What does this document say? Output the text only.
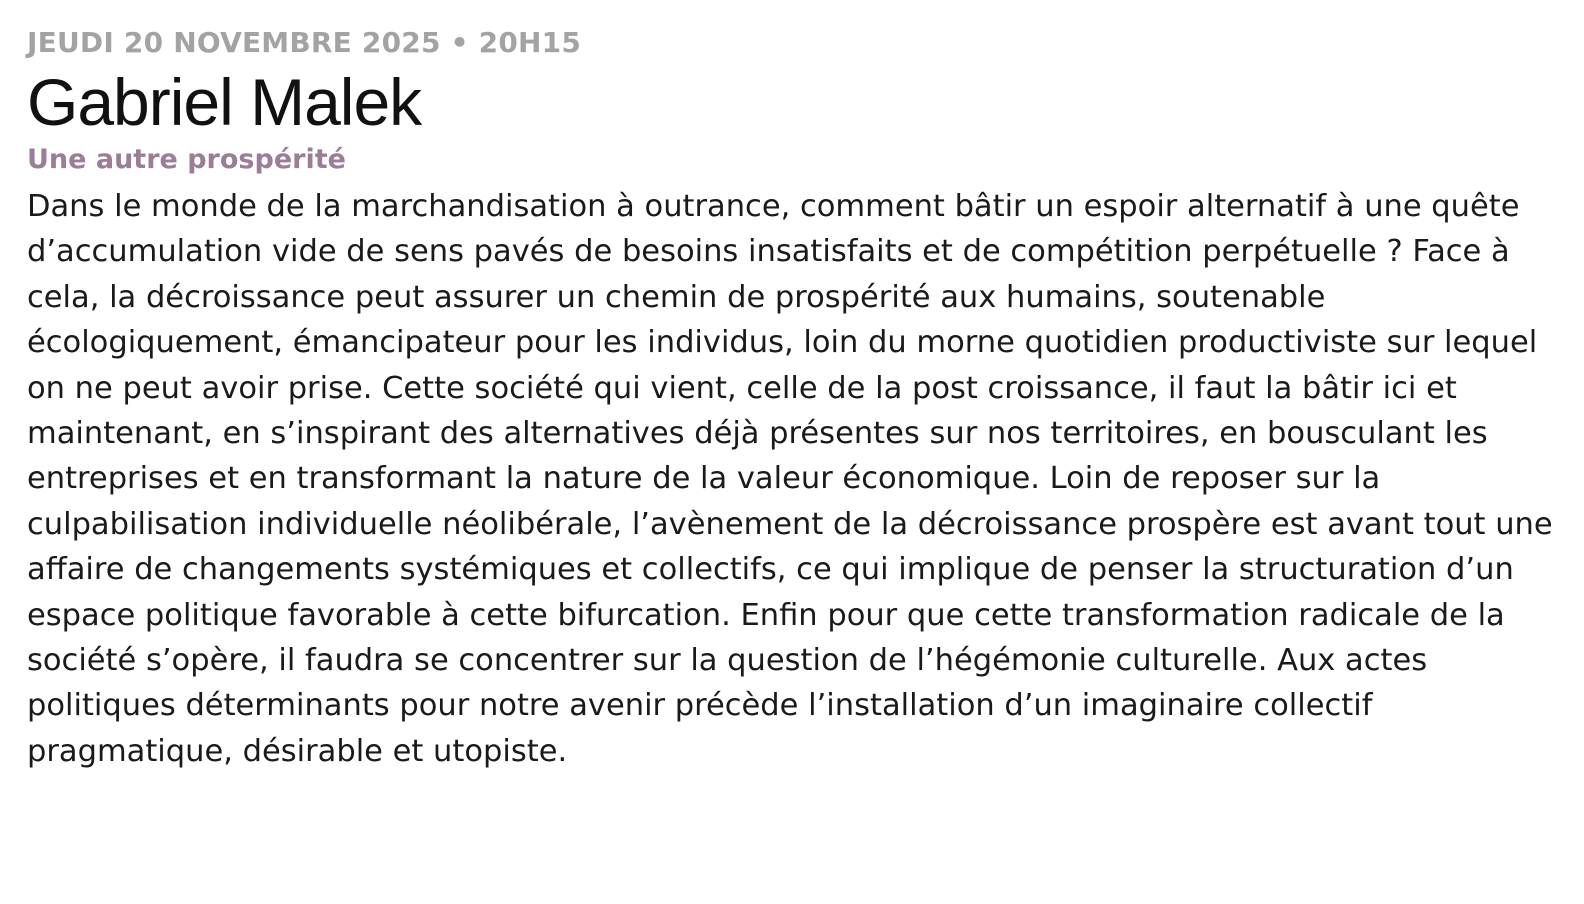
JEUDI 20 NOVEMBRE 2025 • 20H15

Gabriel Malek
Une autre prospérité

Dans le monde de la marchandisation à outrance, comment bâtir un espoir alternatif à une quête d’accumulation vide de sens pavés de besoins insatisfaits et de compétition perpétuelle ? Face à cela, la décroissance peut assurer un chemin de prospérité aux humains, soutenable écologiquement, émancipateur pour les individus, loin du morne quotidien productiviste sur lequel on ne peut avoir prise. Cette société qui vient, celle de la post croissance, il faut la bâtir ici et maintenant, en s’inspirant des alternatives déjà présentes sur nos territoires, en bousculant les entreprises et en transformant la nature de la valeur économique. Loin de reposer sur la culpabilisation individuelle néolibérale, l’avènement de la décroissance prospère est avant tout une affaire de changements systémiques et collectifs, ce qui implique de penser la structuration d’un espace politique favorable à cette bifurcation. Enfin pour que cette transformation radicale de la société s’opère, il faudra se concentrer sur la question de l’hégémonie culturelle. Aux actes politiques déterminants pour notre avenir précède l’installation d’un imaginaire collectif pragmatique, désirable et utopiste.
